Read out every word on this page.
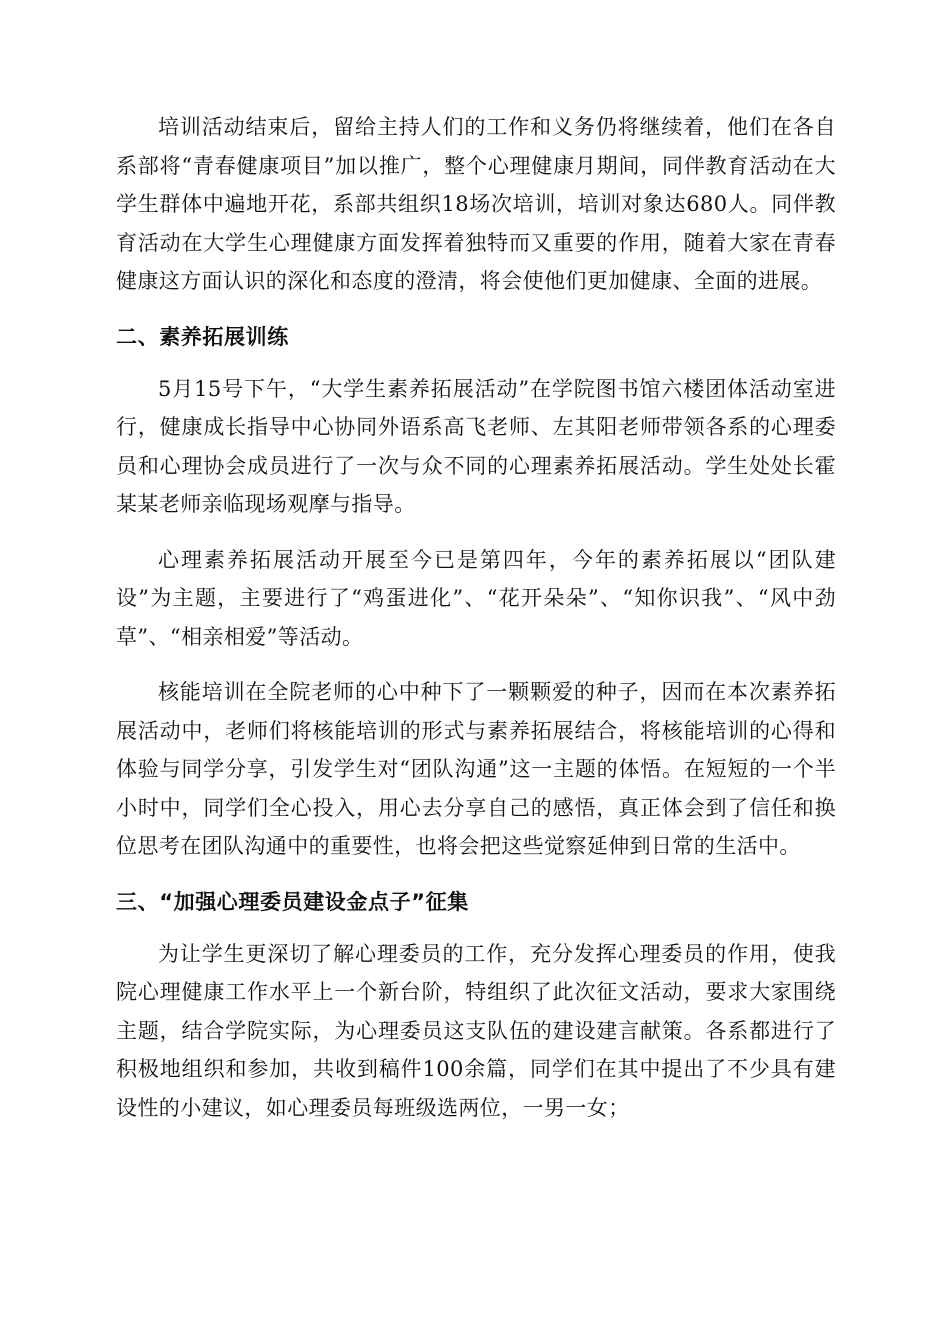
培训活动结束后，留给主持人们的工作和义务仍将继续着，他们在各自系部将“青春健康项目”加以推广，整个心理健康月期间，同伴教育活动在大学生群体中遍地开花，系部共组织18场次培训，培训对象达680人。同伴教育活动在大学生心理健康方面发挥着独特而又重要的作用，随着大家在青春健康这方面认识的深化和态度的澄清，将会使他们更加健康、全面的进展。

二、素养拓展训练

5月15号下午，“大学生素养拓展活动”在学院图书馆六楼团体活动室进行，健康成长指导中心协同外语系高飞老师、左其阳老师带领各系的心理委员和心理协会成员进行了一次与众不同的心理素养拓展活动。学生处处长霍某某老师亲临现场观摩与指导。

心理素养拓展活动开展至今已是第四年，今年的素养拓展以“团队建设”为主题，主要进行了“鸡蛋进化”、“花开朵朵”、“知你识我”、“风中劲草”、“相亲相爱”等活动。

核能培训在全院老师的心中种下了一颗颗爱的种子，因而在本次素养拓展活动中，老师们将核能培训的形式与素养拓展结合，将核能培训的心得和体验与同学分享，引发学生对“团队沟通”这一主题的体悟。在短短的一个半小时中，同学们全心投入，用心去分享自己的感悟，真正体会到了信任和换位思考在团队沟通中的重要性，也将会把这些觉察延伸到日常的生活中。

三、“加强心理委员建设金点子”征集

为让学生更深切了解心理委员的工作，充分发挥心理委员的作用，使我院心理健康工作水平上一个新台阶，特组织了此次征文活动，要求大家围绕主题，结合学院实际，为心理委员这支队伍的建设建言献策。各系都进行了积极地组织和参加，共收到稿件100余篇，同学们在其中提出了不少具有建设性的小建议，如心理委员每班级选两位，一男一女；
